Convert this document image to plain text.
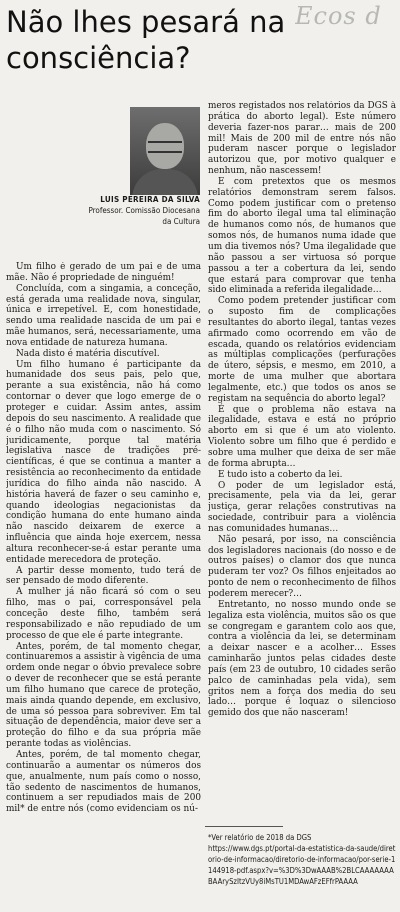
Ecos d
Não lhes pesará na consciência?
LUIS PEREIRA DA SILVA
Professor. Comissão Diocesana da Cultura

Um filho é gerado de um pai e de uma mãe. Não é propriedade de ninguém!

Concluída, com a singamia, a conceção, está gerada uma realidade nova, singular, única e irrepetível. E, com honestidade, sendo uma realidade nascida de um pai e mãe humanos, será, necessariamente, uma nova entidade de natureza humana.

Nada disto é matéria discutível.

Um filho humano é participante da humanidade dos seus pais, pelo que, perante a sua existência, não há como contornar o dever que logo emerge de o proteger e cuidar. Assim antes, assim depois do seu nascimento. A realidade que é o filho não muda com o nascimento. Só juridicamente, porque tal matéria legislativa nasce de tradições pré-científicas, é que se continua a manter a resistência ao reconhecimento da entidade jurídica do filho ainda não nascido. A história haverá de fazer o seu caminho e, quando ideologias negacionistas da condição humana do ente humano ainda não nascido deixarem de exerce a influência que ainda hoje exercem, nessa altura reconhecer-se-á estar perante uma entidade merecedora de proteção.

A partir desse momento, tudo terá de ser pensado de modo diferente.

A mulher já não ficará só com o seu filho, mas o pai, corresponsável pela conceção deste filho, também será responsabilizado e não repudiado de um processo de que ele é parte integrante.

Antes, porém, de tal momento chegar, continuaremos a assistir à vigência de uma ordem onde negar o óbvio prevalece sobre o dever de reconhecer que se está perante um filho humano que carece de proteção, mais ainda quando depende, em exclusivo, de uma só pessoa para sobreviver. Em tal situação de dependência, maior deve ser a proteção do filho e da sua própria mãe perante todas as violências.

Antes, porém, de tal momento chegar, continuarão a aumentar os números dos que, anualmente, num país como o nosso, tão sedento de nascimentos de humanos, continuem a ser repudiados mais de 200 mil* de entre nós (como evidenciam os nú-

meros registados nos relatórios da DGS à prática do aborto legal). Este número deveria fazer-nos parar… mais de 200 mil! Mais de 200 mil de entre nós não puderam nascer porque o legislador autorizou que, por motivo qualquer e nenhum, não nascessem!

E com pretextos que os mesmos relatórios demonstram serem falsos. Como podem justificar com o pretenso fim do aborto ilegal uma tal eliminação de humanos como nós, de humanos que somos nós, de humanos numa idade que um dia tivemos nós? Uma ilegalidade que não passou a ser virtuosa só porque passou a ter a cobertura da lei, sendo que estará para comprovar que tenha sido eliminada a referida ilegalidade…

Como podem pretender justificar com o suposto fim de complicações resultantes do aborto ilegal, tantas vezes afirmado como ocorrendo em vão de escada, quando os relatórios evidenciam as múltiplas complicações (perfurações de útero, sépsis, e mesmo, em 2010, a morte de uma mulher que abortara legalmente, etc.) que todos os anos se registam na sequência do aborto legal?

É que o problema não estava na ilegalidade, estava e está no próprio aborto em si que é um ato violento. Violento sobre um filho que é perdido e sobre uma mulher que deixa de ser mãe de forma abrupta…

E tudo isto a coberto da lei.

O poder de um legislador está, precisamente, pela via da lei, gerar justiça, gerar relações construtivas na sociedade, contribuir para a violência nas comunidades humanas…

Não pesará, por isso, na consciência dos legisladores nacionais (do nosso e de outros países) o clamor dos que nunca puderam ter voz? Os filhos enjeitados ao ponto de nem o reconhecimento de filhos poderem merecer?…

Entretanto, no nosso mundo onde se legaliza esta violência, muitos são os que se congregam e garantem colo aos que, contra a violência da lei, se determinam a deixar nascer e a acolher… Esses caminharão juntos pelas cidades deste país (em 23 de outubro, 10 cidades serão palco de caminhadas pela vida), sem gritos nem a força dos media do seu lado… porque é loquaz o silencioso gemido dos que não nasceram!

*Ver relatório de 2018 da DGS
https://www.dgs.pt/portal-da-estatistica-da-saude/diretorio-de-informacao/diretorio-de-informacao/por-serie-1144918-pdf.aspx?v=%3D%3DwAAAB%2BLCAAAAAAABAArySzItzVUy8iMsTU1MDAwAFzEFfrPAAAA
